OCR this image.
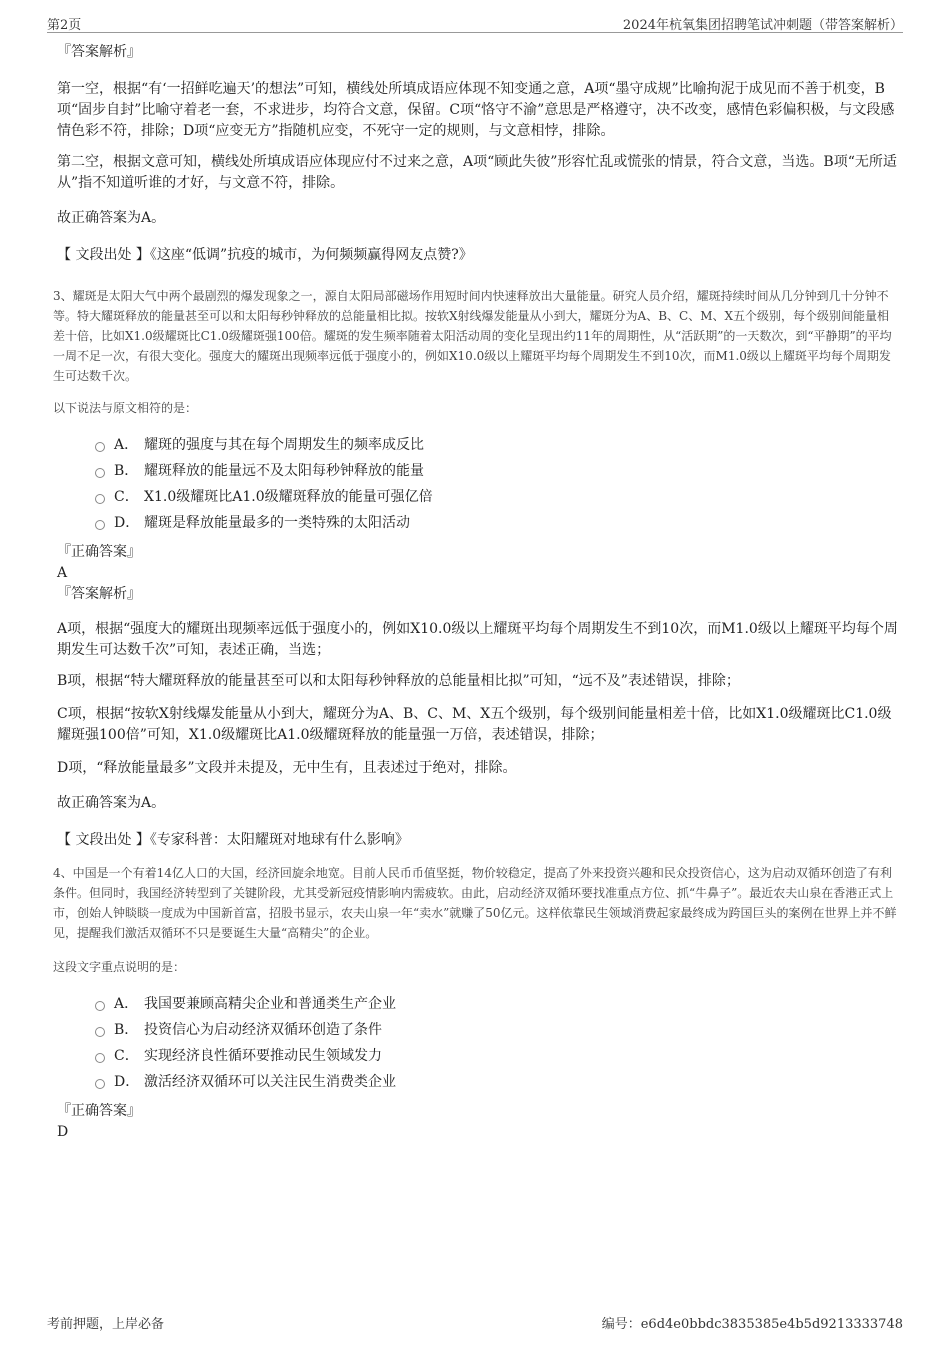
第2页	2024年杭氧集团招聘笔试冲刺题（带答案解析）

『答案解析』

第一空，根据“有‘一招鲜吃遍天’的想法”可知，横线处所填成语应体现不知变通之意，A项“墨守成规”比喻拘泥于成见而不善于机变，B项“固步自封”比喻守着老一套，不求进步，均符合文意，保留。C项“恪守不渝”意思是严格遵守，决不改变，感情色彩偏积极，与文段感情色彩不符，排除；D项“应变无方”指随机应变，不死守一定的规则，与文意相悖，排除。

第二空，根据文意可知，横线处所填成语应体现应付不过来之意，A项“顾此失彼”形容忙乱或慌张的情景，符合文意，当选。B项“无所适从”指不知道听谁的才好，与文意不符，排除。

故正确答案为A。

【 文段出处 】《这座“低调”抗疫的城市，为何频频赢得网友点赞?》

3、耀斑是太阳大气中两个最剧烈的爆发现象之一，源自太阳局部磁场作用短时间内快速释放出大量能量。研究人员介绍，耀斑持续时间从几分钟到几十分钟不等。特大耀斑释放的能量甚至可以和太阳每秒钟释放的总能量相比拟。按软X射线爆发能量从小到大，耀斑分为A、B、C、M、X五个级别，每个级别间能量相差十倍，比如X1.0级耀斑比C1.0级耀斑强100倍。耀斑的发生频率随着太阳活动周的变化呈现出约11年的周期性，从“活跃期”的一天数次，到“平静期”的平均一周不足一次，有很大变化。强度大的耀斑出现频率远低于强度小的，例如X10.0级以上耀斑平均每个周期发生不到10次，而M1.0级以上耀斑平均每个周期发生可达数千次。

以下说法与原文相符的是：

A． 耀斑的强度与其在每个周期发生的频率成反比
B． 耀斑释放的能量远不及太阳每秒钟释放的能量
C． X1.0级耀斑比A1.0级耀斑释放的能量可强亿倍
D． 耀斑是释放能量最多的一类特殊的太阳活动

『正确答案』

A

『答案解析』

A项，根据“强度大的耀斑出现频率远低于强度小的，例如X10.0级以上耀斑平均每个周期发生不到10次，而M1.0级以上耀斑平均每个周期发生可达数千次”可知，表述正确，当选；

B项，根据“特大耀斑释放的能量甚至可以和太阳每秒钟释放的总能量相比拟”可知，“远不及”表述错误，排除；

C项，根据“按软X射线爆发能量从小到大，耀斑分为A、B、C、M、X五个级别，每个级别间能量相差十倍，比如X1.0级耀斑比C1.0级耀斑强100倍”可知，X1.0级耀斑比A1.0级耀斑释放的能量强一万倍，表述错误，排除；

D项，“释放能量最多”文段并未提及，无中生有，且表述过于绝对，排除。

故正确答案为A。

【 文段出处 】《专家科普：太阳耀斑对地球有什么影响》

4、中国是一个有着14亿人口的大国，经济回旋余地宽。目前人民币币值坚挺，物价较稳定，提高了外来投资兴趣和民众投资信心，这为启动双循环创造了有利条件。但同时，我国经济转型到了关键阶段，尤其受新冠疫情影响内需疲软。由此，启动经济双循环要找准重点方位、抓“牛鼻子”。最近农夫山泉在香港正式上市，创始人钟睒睒一度成为中国新首富，招股书显示，农夫山泉一年“卖水”就赚了50亿元。这样依靠民生领域消费起家最终成为跨国巨头的案例在世界上并不鲜见，提醒我们激活双循环不只是要诞生大量“高精尖”的企业。

这段文字重点说明的是：

A． 我国要兼顾高精尖企业和普通类生产企业
B． 投资信心为启动经济双循环创造了条件
C． 实现经济良性循环要推动民生领域发力
D． 激活经济双循环可以关注民生消费类企业

『正确答案』

D

考前押题，上岸必备	编号：e6d4e0bbdc3835385e4b5d9213333748
